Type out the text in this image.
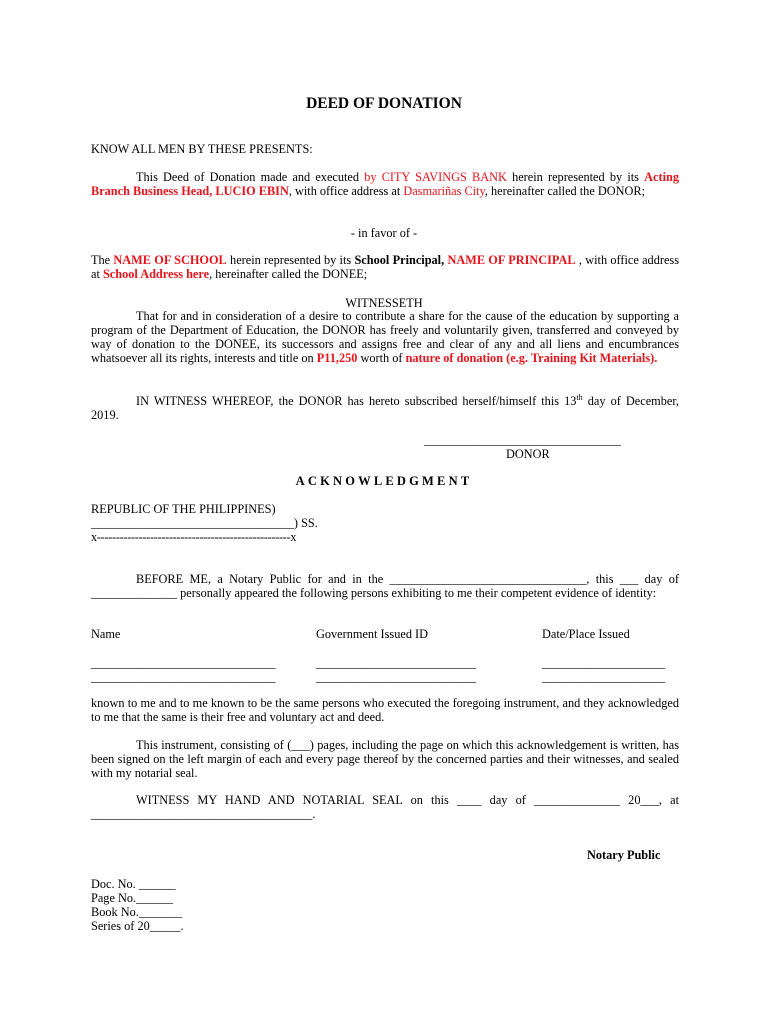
DEED OF DONATION
KNOW ALL MEN BY THESE PRESENTS:
This Deed of Donation made and executed by CITY SAVINGS BANK herein represented by its Acting Branch Business Head, LUCIO EBIN, with office address at Dasmariñas City, hereinafter called the DONOR;
- in favor of -
The NAME OF SCHOOL herein represented by its School Principal, NAME OF PRINCIPAL , with office address at School Address here, hereinafter called the DONEE;
WITNESSETH
That for and in consideration of a desire to contribute a share for the cause of the education by supporting a program of the Department of Education, the DONOR has freely and voluntarily given, transferred and conveyed by way of donation to the DONEE, its successors and assigns free and clear of any and all liens and encumbrances whatsoever all its rights, interests and title on P11,250 worth of nature of donation (e.g. Training Kit Materials).
IN WITNESS WHEREOF, the DONOR has hereto subscribed herself/himself this 13th day of December, 2019.
________________________________
DONOR
ACKNOWLEDGMENT
REPUBLIC OF THE PHILIPPINES)
_________________________________) SS.
x---------------------------------------------------x
BEFORE ME, a Notary Public for and in the ________________________________, this ___ day of ______________ personally appeared the following persons exhibiting to me their competent evidence of identity:
Name	Government Issued ID	Date/Place Issued
______________________________	__________________________	____________________
______________________________	__________________________	____________________
known to me and to me known to be the same persons who executed the foregoing instrument, and they acknowledged to me that the same is their free and voluntary act and deed.
This instrument, consisting of (___) pages, including the page on which this acknowledgement is written, has been signed on the left margin of each and every page thereof by the concerned parties and their witnesses, and sealed with my notarial seal.
WITNESS MY HAND AND NOTARIAL SEAL on this ____ day of ______________ 20___, at
____________________________________.
Notary Public
Doc. No. ______
Page No.______
Book No._______
Series of 20_____.
